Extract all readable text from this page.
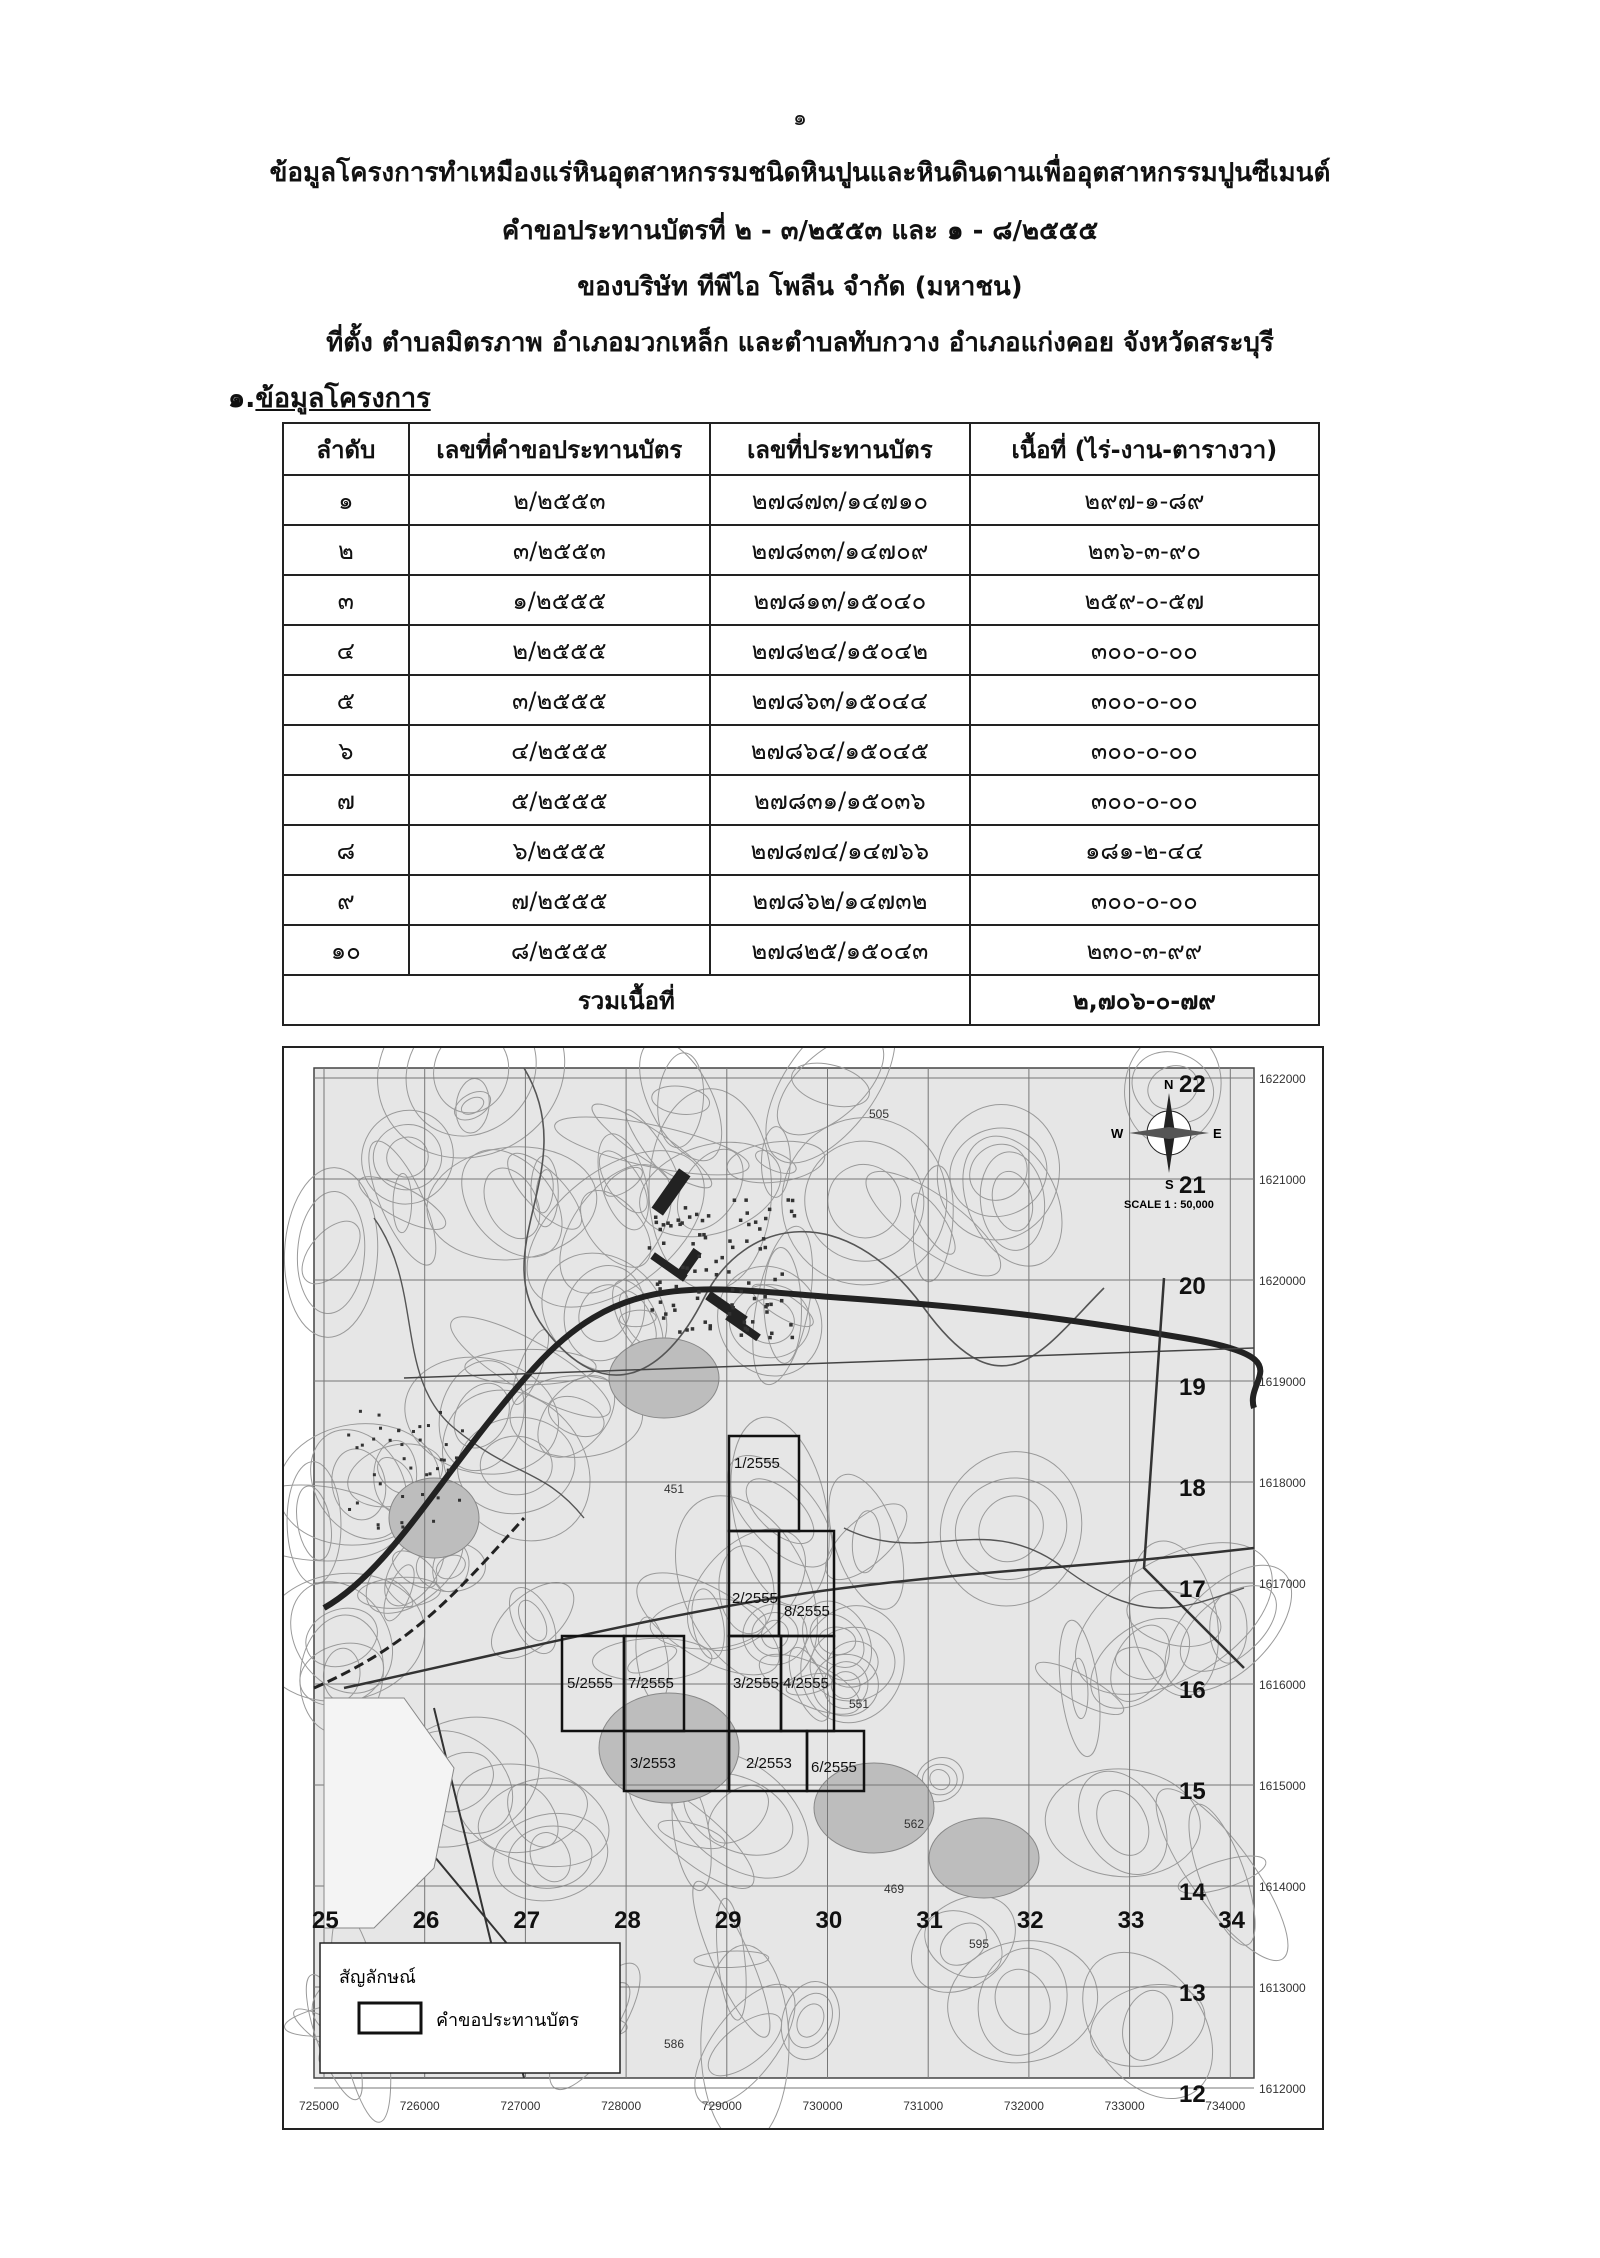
๑
ข้อมูลโครงการทำเหมืองแร่หินอุตสาหกรรมชนิดหินปูนและหินดินดานเพื่ออุตสาหกรรมปูนซีเมนต์
คำขอประทานบัตรที่ ๒ - ๓/๒๕๕๓ และ ๑ - ๘/๒๕๕๕
ของบริษัท ทีพีไอ โพลีน จำกัด (มหาชน)
ที่ตั้ง ตำบลมิตรภาพ อำเภอมวกเหล็ก และตำบลทับกวาง อำเภอแก่งคอย จังหวัดสระบุรี
๑.ข้อมูลโครงการ
ลำดับ	เลขที่คำขอประทานบัตร	เลขที่ประทานบัตร	เนื้อที่ (ไร่-งาน-ตารางวา)
๑	๒/๒๕๕๓	๒๗๘๗๓/๑๔๗๑๐	๒๙๗-๑-๘๙
๒	๓/๒๕๕๓	๒๗๘๓๓/๑๔๗๐๙	๒๓๖-๓-๙๐
๓	๑/๒๕๕๕	๒๗๘๑๓/๑๕๐๔๐	๒๕๙-๐-๕๗
๔	๒/๒๕๕๕	๒๗๘๒๔/๑๕๐๔๒	๓๐๐-๐-๐๐
๕	๓/๒๕๕๕	๒๗๘๖๓/๑๕๐๔๔	๓๐๐-๐-๐๐
๖	๔/๒๕๕๕	๒๗๘๖๔/๑๕๐๔๕	๓๐๐-๐-๐๐
๗	๕/๒๕๕๕	๒๗๘๓๑/๑๕๐๓๖	๓๐๐-๐-๐๐
๘	๖/๒๕๕๕	๒๗๘๗๔/๑๔๗๖๖	๑๘๑-๒-๔๔
๙	๗/๒๕๕๕	๒๗๘๖๒/๑๔๗๓๒	๓๐๐-๐-๐๐
๑๐	๘/๒๕๕๕	๒๗๘๒๕/๑๕๐๔๓	๒๓๐-๓-๙๙
รวมเนื้อที่			๒,๗๐๖-๐-๗๙
1/2555
2/2555
8/2555
5/2555 7/2555	3/2555 4/2555
3/2553	2/2553 6/2555
505
451
551
562
469
595
586
22
21
20
19
18
17
16
15
14
13
12
25	26	27	28	29	30	31	32	33	34
725000	726000	727000	728000	729000	730000	731000	732000	733000	734000
1622000
1621000
1620000
1619000
1618000
1617000
1616000
1615000
1614000
1613000
1612000
N
S
E
W
SCALE 1 : 50,000
สัญลักษณ์
คำขอประทานบัตร
